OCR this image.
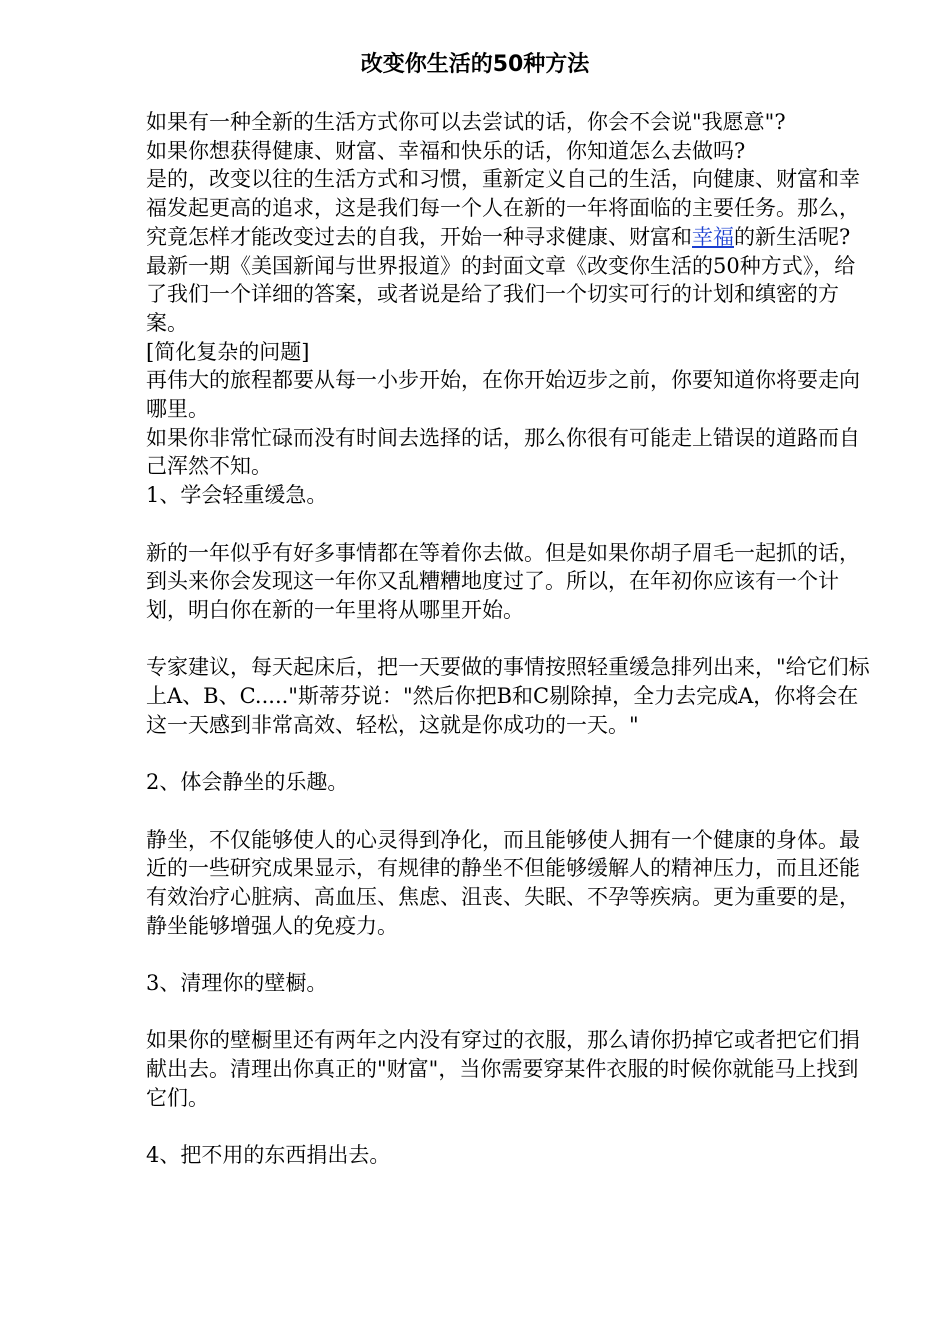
改变你生活的50种方法

如果有一种全新的生活方式你可以去尝试的话，你会不会说"我愿意"?

如果你想获得健康、财富、幸福和快乐的话，你知道怎么去做吗?

是的，改变以往的生活方式和习惯，重新定义自己的生活，向健康、财富和幸福发起更高的追求，这是我们每一个人在新的一年将面临的主要任务。那么，究竟怎样才能改变过去的自我，开始一种寻求健康、财富和幸福的新生活呢?

最新一期《美国新闻与世界报道》的封面文章《改变你生活的50种方式》，给了我们一个详细的答案，或者说是给了我们一个切实可行的计划和缜密的方案。

[简化复杂的问题]

再伟大的旅程都要从每一小步开始，在你开始迈步之前，你要知道你将要走向哪里。

如果你非常忙碌而没有时间去选择的话，那么你很有可能走上错误的道路而自己浑然不知。

1、学会轻重缓急。

新的一年似乎有好多事情都在等着你去做。但是如果你胡子眉毛一起抓的话，到头来你会发现这一年你又乱糟糟地度过了。所以，在年初你应该有一个计划，明白你在新的一年里将从哪里开始。

专家建议，每天起床后，把一天要做的事情按照轻重缓急排列出来，"给它们标上A、B、C....."斯蒂芬说："然后你把B和C剔除掉，全力去完成A，你将会在这一天感到非常高效、轻松，这就是你成功的一天。"

2、体会静坐的乐趣。

静坐，不仅能够使人的心灵得到净化，而且能够使人拥有一个健康的身体。最近的一些研究成果显示，有规律的静坐不但能够缓解人的精神压力，而且还能有效治疗心脏病、高血压、焦虑、沮丧、失眠、不孕等疾病。更为重要的是，静坐能够增强人的免疫力。

3、清理你的壁橱。

如果你的壁橱里还有两年之内没有穿过的衣服，那么请你扔掉它或者把它们捐献出去。清理出你真正的"财富"，当你需要穿某件衣服的时候你就能马上找到它们。

4、把不用的东西捐出去。
